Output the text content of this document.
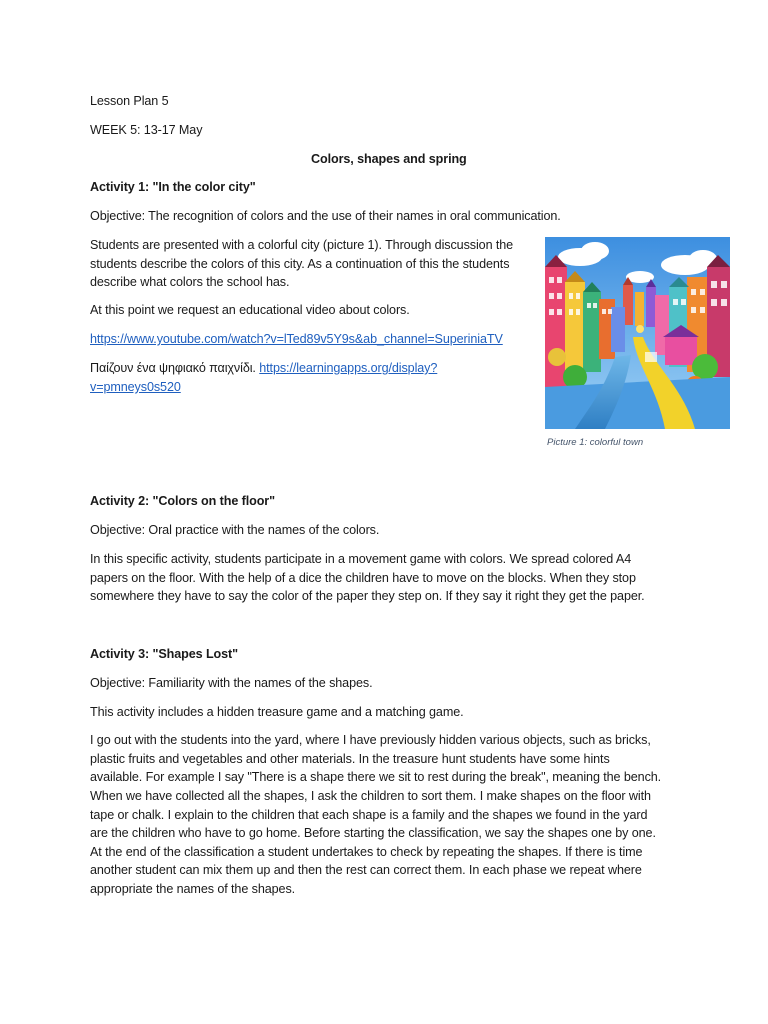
Lesson Plan 5
WEEK 5: 13-17 May
Colors, shapes and spring
Activity 1: "In the color city"
Objective: The recognition of colors and the use of their names in oral communication.
Students are presented with a colorful city (picture 1). Through discussion the
students describe the colors of this city. As a continuation of this the students
describe what colors the school has.
At this point we request an educational video about colors.
https://www.youtube.com/watch?v=lTed89v5Y9s&ab_channel=SuperiniaTV
Παίζουν ένα ψηφιακό παιχνίδι. https://learningapps.org/display?
v=pmneys0s520
Activity 2: "Colors on the floor"
Objective: Oral practice with the names of the colors.
In this specific activity, students participate in a movement game with colors. We spread colored A4
papers on the floor. With the help of a dice the children have to move on the blocks. When they stop
somewhere they have to say the color of the paper they step on. If they say it right they get the paper.
Activity 3: "Shapes Lost"
Objective: Familiarity with the names of the shapes.
This activity includes a hidden treasure game and a matching game.
I go out with the students into the yard, where I have previously hidden various objects, such as bricks,
plastic fruits and vegetables and other materials. In the treasure hunt students have some hints
available. For example I say "There is a shape there we sit to rest during the break", meaning the bench.
When we have collected all the shapes, I ask the children to sort them. I make shapes on the floor with
tape or chalk. I explain to the children that each shape is a family and the shapes we found in the yard
are the children who have to go home. Before starting the classification, we say the shapes one by one.
At the end of the classification a student undertakes to check by repeating the shapes. If there is time
another student can mix them up and then the rest can correct them. In each phase we repeat where
appropriate the names of the shapes.
Picture 1: colorful town
